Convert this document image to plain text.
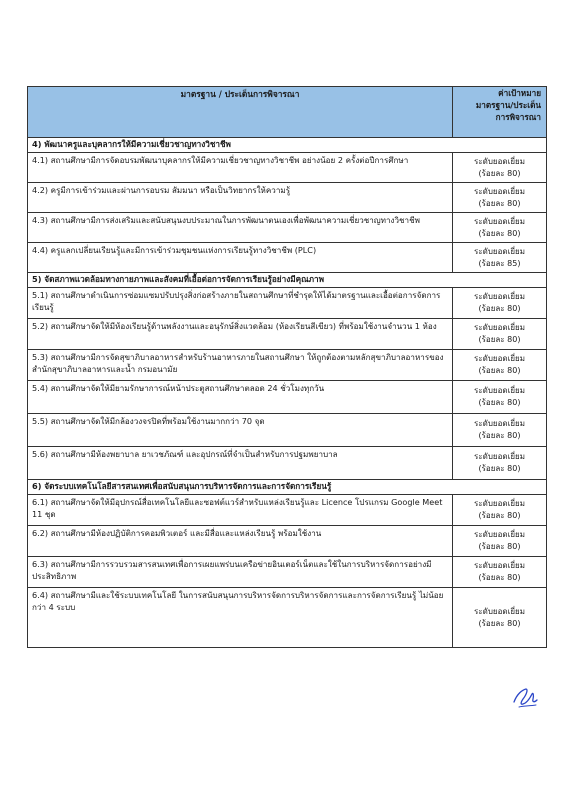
มาตรฐาน / ประเด็นการพิจารณา	ค่าเป้าหมาย
มาตรฐาน/ประเด็น
การพิจารณา

4) พัฒนาครูและบุคลากรให้มีความเชี่ยวชาญทางวิชาชีพ	
4.1) สถานศึกษามีการจัดอบรมพัฒนาบุคลากรให้มีความเชี่ยวชาญทางวิชาชีพ อย่างน้อย 2 ครั้งต่อปีการศึกษา	ระดับยอดเยี่ยม
(ร้อยละ 80)

4.2) ครูมีการเข้าร่วมและผ่านการอบรม สัมมนา หรือเป็นวิทยากรให้ความรู้	ระดับยอดเยี่ยม
(ร้อยละ 80)

4.3) สถานศึกษามีการส่งเสริมและสนับสนุนงบประมาณในการพัฒนาตนเองเพื่อพัฒนาความเชี่ยวชาญทางวิชาชีพ	ระดับยอดเยี่ยม
(ร้อยละ 80)

4.4) ครูแลกเปลี่ยนเรียนรู้และมีการเข้าร่วมชุมชนแห่งการเรียนรู้ทางวิชาชีพ (PLC)	ระดับยอดเยี่ยม
(ร้อยละ 85)

5) จัดสภาพแวดล้อมทางกายภาพและสังคมที่เอื้อต่อการจัดการเรียนรู้อย่างมีคุณภาพ	
5.1) สถานศึกษาดำเนินการซ่อมแซมปรับปรุงสิ่งก่อสร้างภายในสถานศึกษาที่ชำรุดให้ได้มาตรฐานและเอื้อต่อการจัดการเรียนรู้	ระดับยอดเยี่ยม
(ร้อยละ 80)

5.2) สถานศึกษาจัดให้มีห้องเรียนรู้ด้านพลังงานและอนุรักษ์สิ่งแวดล้อม (ห้องเรียนสีเขียว) ที่พร้อมใช้งานจำนวน 1 ห้อง	ระดับยอดเยี่ยม
(ร้อยละ 80)

5.3) สถานศึกษามีการจัดสุขาภิบาลอาหารสำหรับร้านอาหารภายในสถานศึกษา ให้ถูกต้องตามหลักสุขาภิบาลอาหารของสำนักสุขาภิบาลอาหารและน้ำ กรมอนามัย	ระดับยอดเยี่ยม
(ร้อยละ 80)

5.4) สถานศึกษาจัดให้มียามรักษาการณ์หน้าประตูสถานศึกษาตลอด 24 ชั่วโมงทุกวัน	ระดับยอดเยี่ยม
(ร้อยละ 80)

5.5) สถานศึกษาจัดให้มีกล้องวงจรปิดที่พร้อมใช้งานมากกว่า 70 จุด	ระดับยอดเยี่ยม
(ร้อยละ 80)

5.6) สถานศึกษามีห้องพยาบาล ยาเวชภัณฑ์ และอุปกรณ์ที่จำเป็นสำหรับการปฐมพยาบาล	ระดับยอดเยี่ยม
(ร้อยละ 80)

6) จัดระบบเทคโนโลยีสารสนเทศเพื่อสนับสนุนการบริหารจัดการและการจัดการเรียนรู้	
6.1) สถานศึกษาจัดให้มีอุปกรณ์สื่อเทคโนโลยีและซอฟต์แวร์สำหรับแหล่งเรียนรู้และ Licence โปรแกรม Google Meet 11 ชุด	ระดับยอดเยี่ยม
(ร้อยละ 80)

6.2) สถานศึกษามีห้องปฏิบัติการคอมพิวเตอร์ และมีสื่อและแหล่งเรียนรู้ พร้อมใช้งาน	ระดับยอดเยี่ยม
(ร้อยละ 80)

6.3) สถานศึกษามีการรวบรวมสารสนเทศเพื่อการเผยแพร่บนเครือข่ายอินเตอร์เน็ตและใช้ในการบริหารจัดการอย่างมีประสิทธิภาพ	ระดับยอดเยี่ยม
(ร้อยละ 80)

6.4) สถานศึกษามีและใช้ระบบเทคโนโลยี ในการสนับสนุนการบริหารจัดการบริหารจัดการและการจัดการเรียนรู้ ไม่น้อยกว่า 4 ระบบ	ระดับยอดเยี่ยม
(ร้อยละ 80)
